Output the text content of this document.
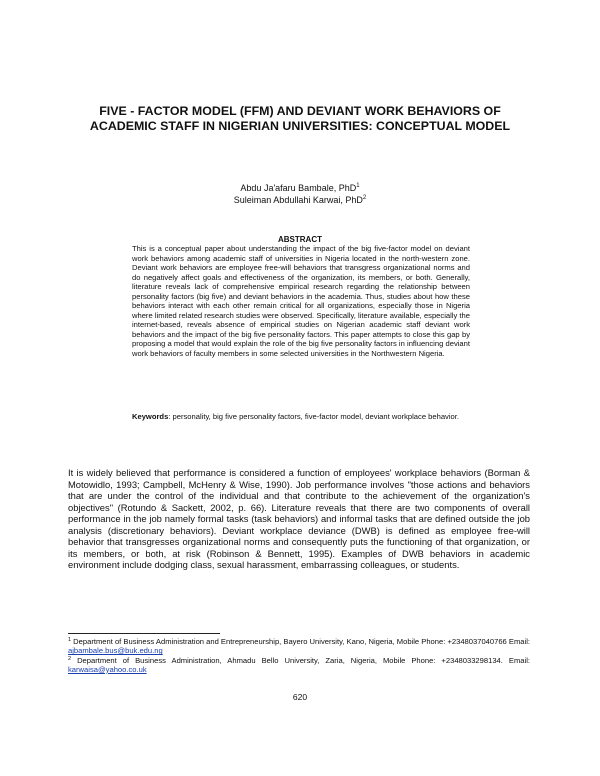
FIVE - FACTOR MODEL (FFM) AND DEVIANT WORK BEHAVIORS OF ACADEMIC STAFF IN NIGERIAN UNIVERSITIES: CONCEPTUAL MODEL
Abdu Ja'afaru Bambale, PhD$^1$
Suleiman Abdullahi Karwai, PhD$^2$
ABSTRACT

This is a conceptual paper about understanding the impact of the big five-factor model on deviant work behaviors among academic staff of universities in Nigeria located in the north-western zone. Deviant work behaviors are employee free-will behaviors that transgress organizational norms and do negatively affect goals and effectiveness of the organization, its members, or both. Generally, literature reveals lack of comprehensive empirical research regarding the relationship between personality factors (big five) and deviant behaviors in the academia. Thus, studies about how these behaviors interact with each other remain critical for all organizations, especially those in Nigeria where limited related research studies were observed. Specifically, literature available, especially the internet-based, reveals absence of empirical studies on Nigerian academic staff deviant work behaviors and the impact of the big five personality factors. This paper attempts to close this gap by proposing a model that would explain the role of the big five personality factors in influencing deviant work behaviors of faculty members in some selected universities in the Northwestern Nigeria.

Keywords: personality, big five personality factors, five-factor model, deviant workplace behavior.

It is widely believed that performance is considered a function of employees' workplace behaviors (Borman & Motowidlo, 1993; Campbell, McHenry & Wise, 1990). Job performance involves "those actions and behaviors that are under the control of the individual and that contribute to the achievement of the organization's objectives" (Rotundo & Sackett, 2002, p. 66). Literature reveals that there are two components of overall performance in the job namely formal tasks (task behaviors) and informal tasks that are defined outside the job analysis (discretionary behaviors). Deviant workplace deviance (DWB) is defined as employee free-will behavior that transgresses organizational norms and consequently puts the functioning of that organization, or its members, or both, at risk (Robinson & Bennett, 1995). Examples of DWB behaviors in academic environment include dodging class, sexual harassment, embarrassing colleagues, or students.

$^1$ Department of Business Administration and Entrepreneurship, Bayero University, Kano, Nigeria, Mobile Phone: +2348037040766 Email: ajbambale.bus@buk.edu.ng

$^2$ Department of Business Administration, Ahmadu Bello University, Zaria, Nigeria, Mobile Phone: +2348033298134. Email: karwaisa@yahoo.co.uk

620
